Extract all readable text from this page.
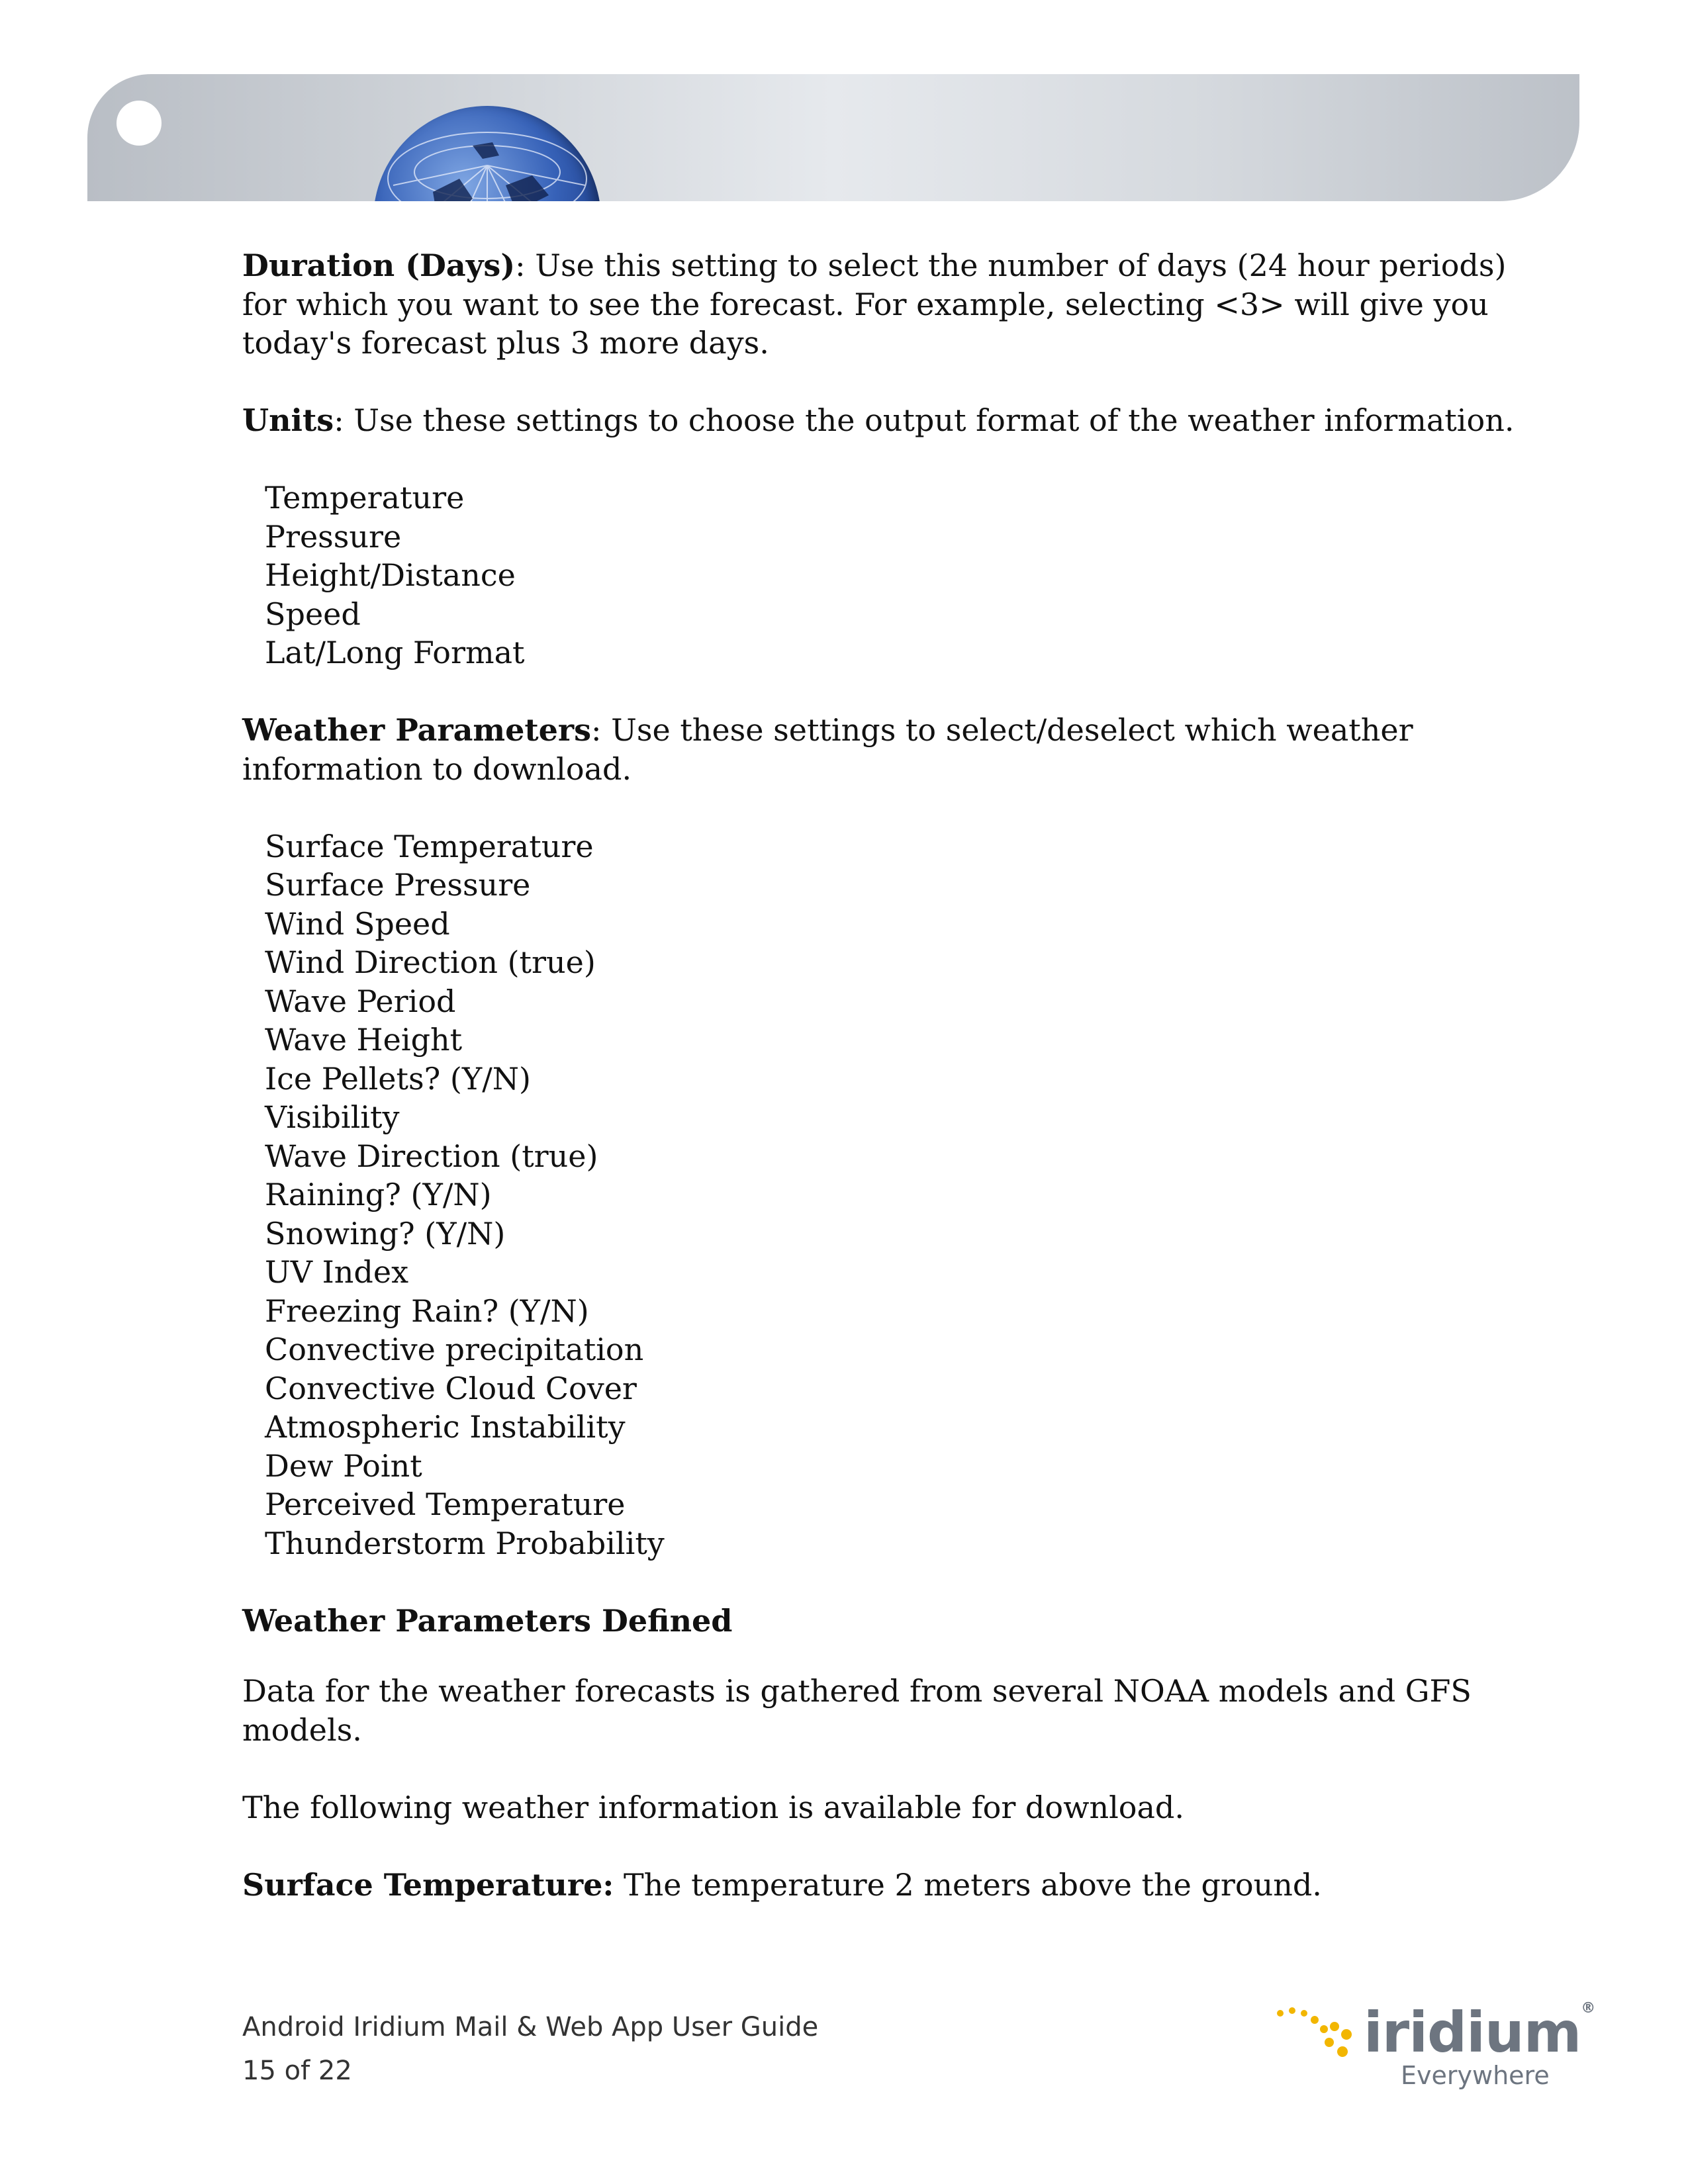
Duration (Days): Use this setting to select the number of days (24 hour periods) for which you want to see the forecast. For example, selecting <3> will give you today's forecast plus 3 more days.

Units: Use these settings to choose the output format of the weather information.

Temperature
Pressure
Height/Distance
Speed
Lat/Long Format

Weather Parameters: Use these settings to select/deselect which weather information to download.

Surface Temperature
Surface Pressure
Wind Speed
Wind Direction (true)
Wave Period
Wave Height
Ice Pellets? (Y/N)
Visibility
Wave Direction (true)
Raining? (Y/N)
Snowing? (Y/N)
UV Index
Freezing Rain? (Y/N)
Convective precipitation
Convective Cloud Cover
Atmospheric Instability
Dew Point
Perceived Temperature
Thunderstorm Probability

Weather Parameters Defined

Data for the weather forecasts is gathered from several NOAA models and GFS models.

The following weather information is available for download.

Surface Temperature: The temperature 2 meters above the ground.

Android Iridium Mail & Web App User Guide
15 of 22
iridium®
Everywhere
